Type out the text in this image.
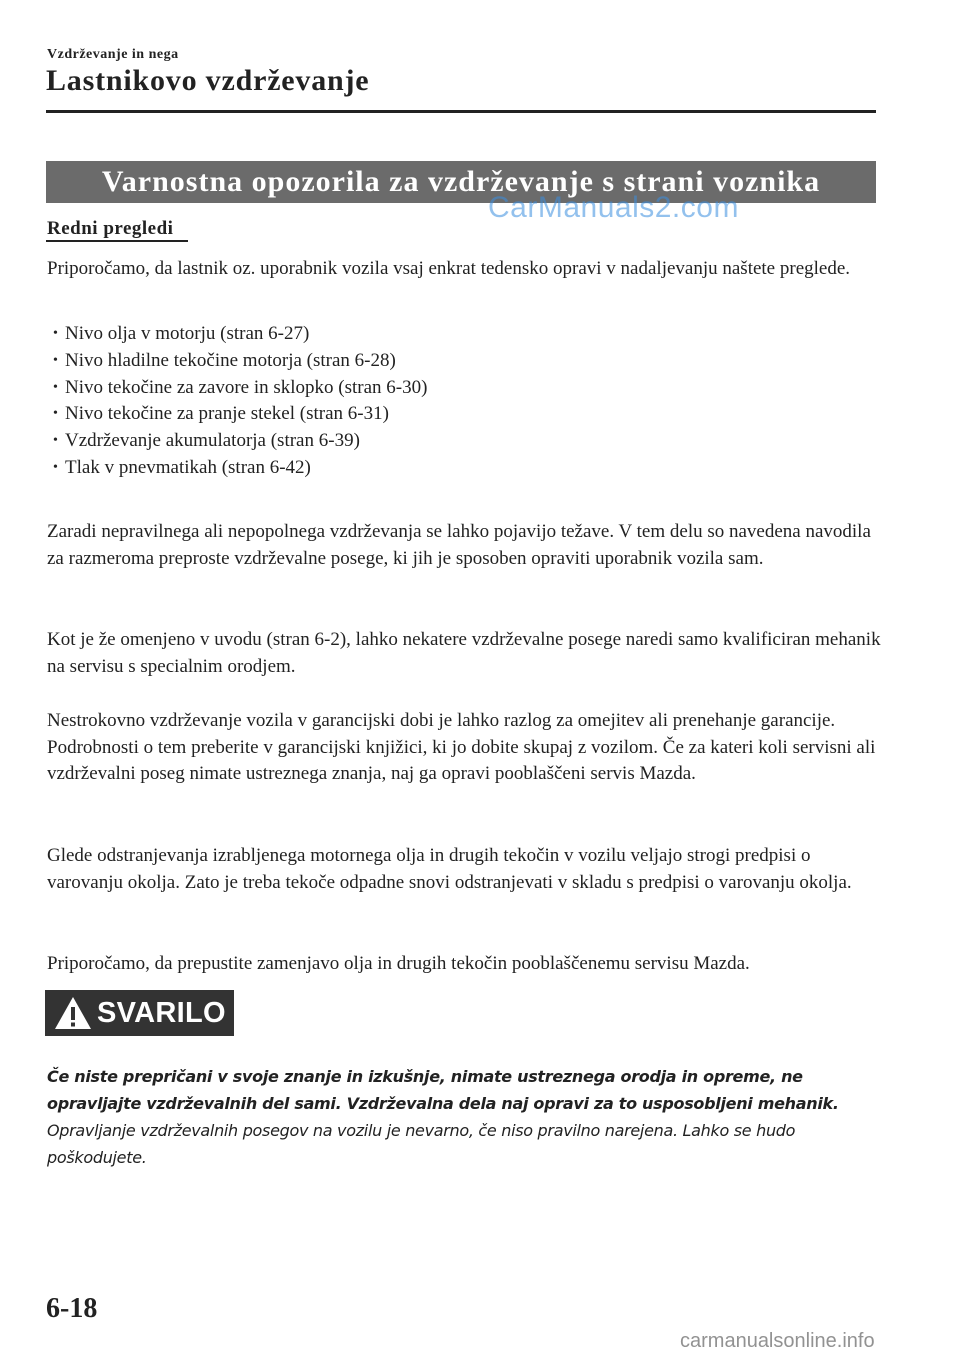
Vzdrževanje in nega
Lastnikovo vzdrževanje
Varnostna opozorila za vzdrževanje s strani voznika
CarManuals2.com
Redni pregledi
Priporočamo, da lastnik oz. uporabnik vozila vsaj enkrat tedensko opravi v nadaljevanju naštete preglede.
• Nivo olja v motorju (stran 6-27)
• Nivo hladilne tekočine motorja (stran 6-28)
• Nivo tekočine za zavore in sklopko (stran 6-30)
• Nivo tekočine za pranje stekel (stran 6-31)
• Vzdrževanje akumulatorja (stran 6-39)
• Tlak v pnevmatikah (stran 6-42)
Zaradi nepravilnega ali nepopolnega vzdrževanja se lahko pojavijo težave. V tem delu so navedena navodila za razmeroma preproste vzdrževalne posege, ki jih je sposoben opraviti uporabnik vozila sam.
Kot je že omenjeno v uvodu (stran 6-2), lahko nekatere vzdrževalne posege naredi samo kvalificiran mehanik na servisu s specialnim orodjem.
Nestrokovno vzdrževanje vozila v garancijski dobi je lahko razlog za omejitev ali prenehanje garancije. Podrobnosti o tem preberite v garancijski knjižici, ki jo dobite skupaj z vozilom. Če za kateri koli servisni ali vzdrževalni poseg nimate ustreznega znanja, naj ga opravi pooblaščeni servis Mazda.
Glede odstranjevanja izrabljenega motornega olja in drugih tekočin v vozilu veljajo strogi predpisi o varovanju okolja. Zato je treba tekoče odpadne snovi odstranjevati v skladu s predpisi o varovanju okolja.
Priporočamo, da prepustite zamenjavo olja in drugih tekočin pooblaščenemu servisu Mazda.
SVARILO
Če niste prepričani v svoje znanje in izkušnje, nimate ustreznega orodja in opreme, ne opravljajte vzdrževalnih del sami. Vzdrževalna dela naj opravi za to usposobljeni mehanik. Opravljanje vzdrževalnih posegov na vozilu je nevarno, če niso pravilno narejena. Lahko se hudo poškodujete.
6-18
carmanualsonline.info
